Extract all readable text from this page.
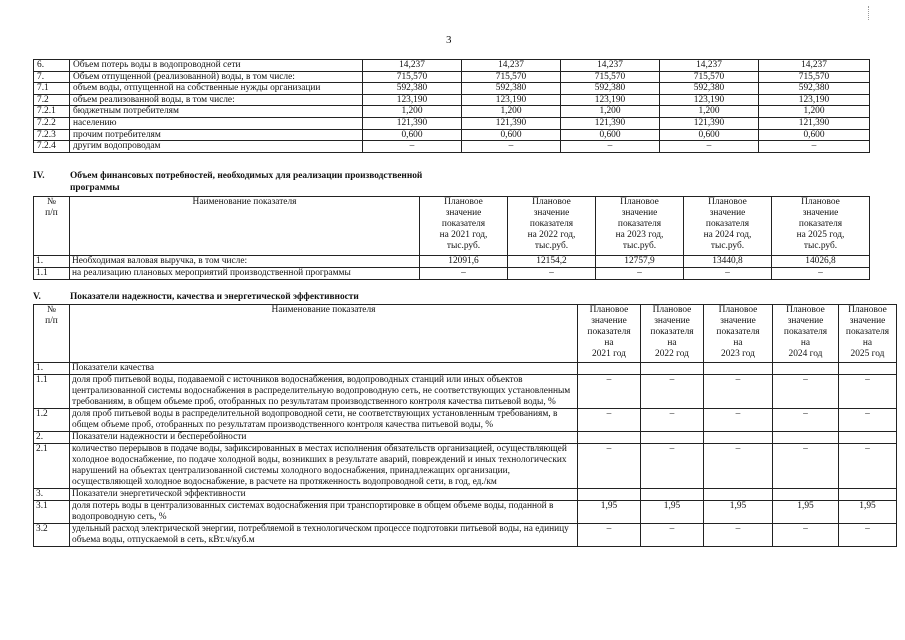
3
6.	Объем потерь воды в водопроводной сети	14,237	14,237	14,237	14,237	14,237
7.	Объем отпущенной (реализованной) воды, в том числе:	715,570	715,570	715,570	715,570	715,570
7.1	объем воды, отпущенной на собственные нужды организации	592,380	592,380	592,380	592,380	592,380
7.2	объем реализованной воды, в том числе:	123,190	123,190	123,190	123,190	123,190
7.2.1	бюджетным потребителям	1,200	1,200	1,200	1,200	1,200
7.2.2	населению	121,390	121,390	121,390	121,390	121,390
7.2.3	прочим потребителям	0,600	0,600	0,600	0,600	0,600
7.2.4	другим водопроводам	–	–	–	–	–
IV.	Объем финансовых потребностей, необходимых для реализации производственной
программы
№
п/п	Наименование показателя	Плановое
значение
показателя
на 2021 год,
тыс.руб.	Плановое
значение
показателя
на 2022 год,
тыс.руб.	Плановое
значение
показателя
на 2023 год,
тыс.руб.	Плановое
значение
показателя
на 2024 год,
тыс.руб.	Плановое
значение
показателя
на 2025 год,
тыс.руб.
1.	Необходимая валовая выручка, в том числе:	12091,6	12154,2	12757,9	13440,8	14026,8
1.1	на реализацию плановых мероприятий производственной программы	–	–	–	–	–
V.	Показатели надежности, качества и энергетической эффективности
№
п/п	Наименование показателя	Плановое
значение
показателя
на
2021 год	Плановое
значение
показателя
на
2022 год	Плановое
значение
показателя
на
2023 год	Плановое
значение
показателя
на
2024 год	Плановое
значение
показателя
на
2025 год
1.	Показатели качества					
1.1	доля проб питьевой воды, подаваемой с источников водоснабжения, водопроводных станций или иных объектов централизованной системы водоснабжения в распределительную водопроводную сеть, не соответствующих установленным требованиям, в общем объеме проб, отобранных по результатам производственного контроля качества питьевой воды, %	–	–	–	–	–
1.2	доля проб питьевой воды в распределительной водопроводной сети, не соответствующих установленным требованиям, в общем объеме проб, отобранных по результатам производственного контроля качества питьевой воды, %	–	–	–	–	–
2.	Показатели надежности и бесперебойности					
2.1	количество перерывов в подаче воды, зафиксированных в местах исполнения обязательств организацией, осуществляющей холодное водоснабжение, по подаче холодной воды, возникших в результате аварий, повреждений и иных технологических нарушений на объектах централизованной системы холодного водоснабжения, принадлежащих организации, осуществляющей холодное водоснабжение, в расчете на протяженность водопроводной сети, в год, ед./км	–	–	–	–	–
3.	Показатели энергетической эффективности					
3.1	доля потерь воды в централизованных системах водоснабжения при транспортировке в общем объеме воды, поданной в водопроводную сеть, %	1,95	1,95	1,95	1,95	1,95
3.2	удельный расход электрической энергии, потребляемой в технологическом процессе подготовки питьевой воды, на единицу объема воды, отпускаемой в сеть, кВт.ч/куб.м	–	–	–	–	–
